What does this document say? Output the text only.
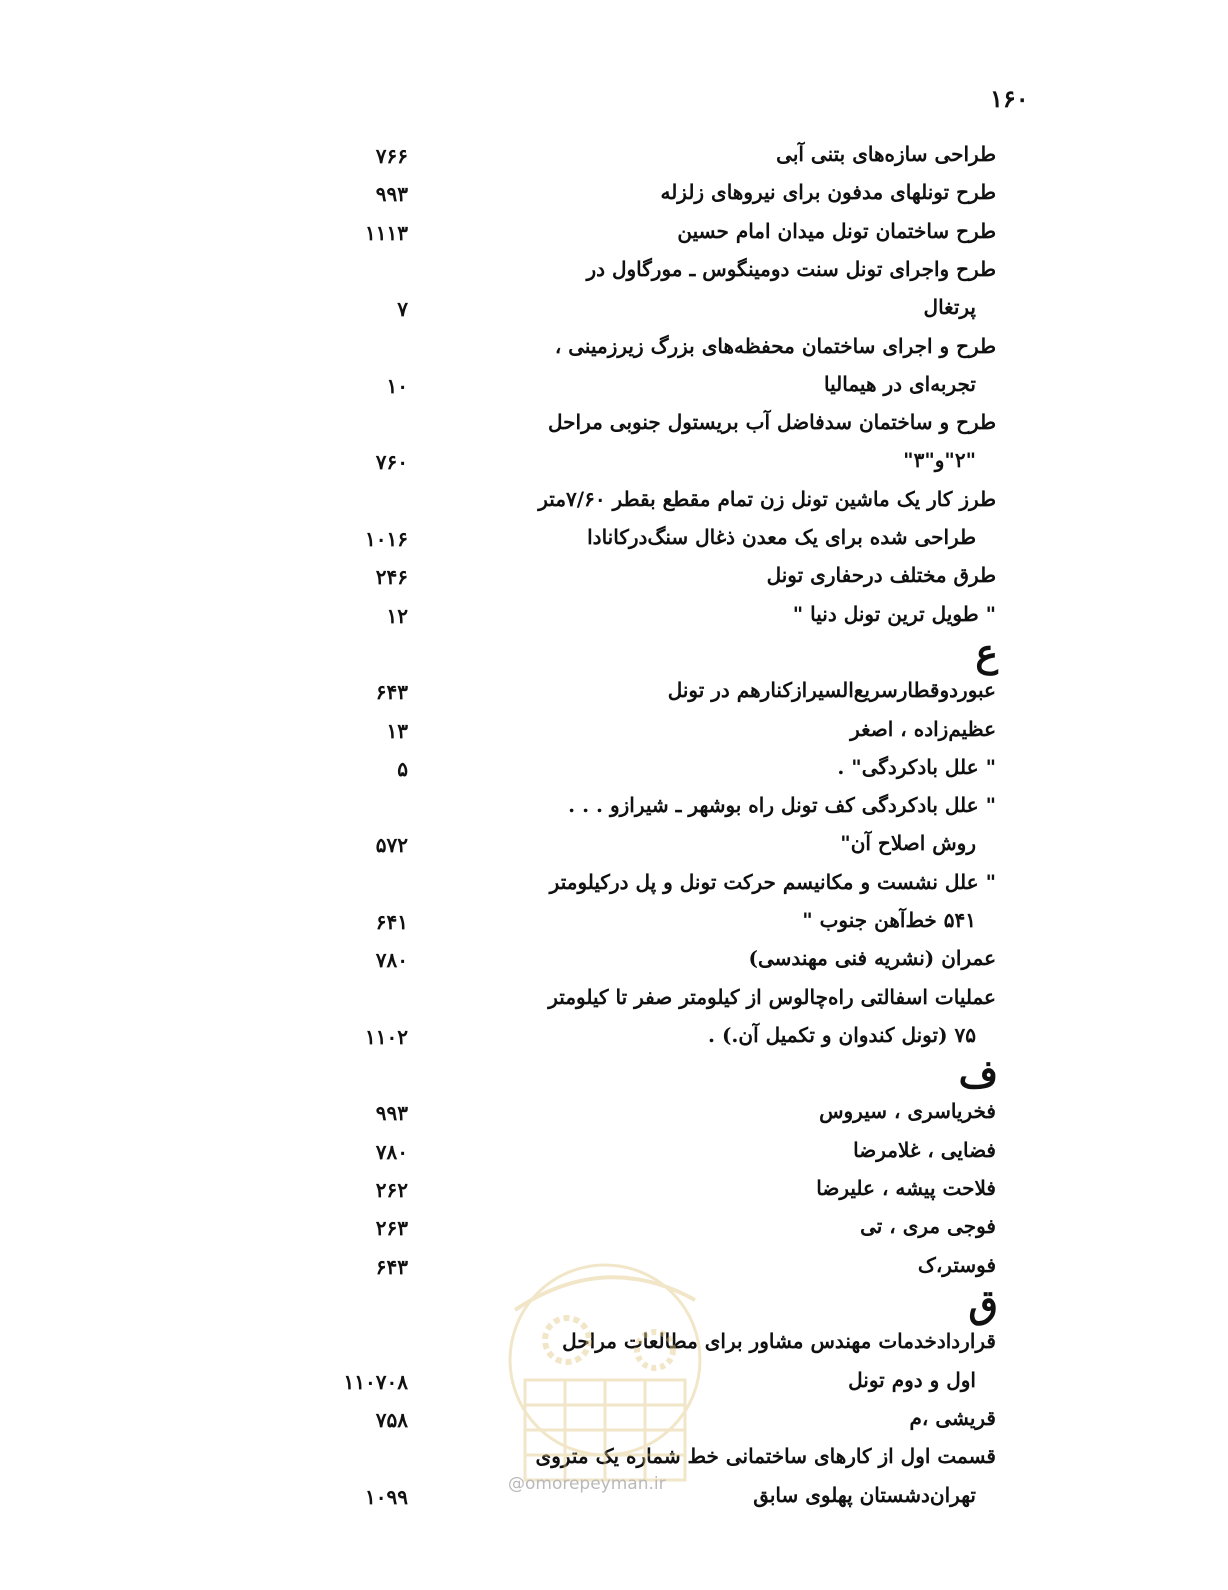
۱۶۰
طراحی سازه‌های بتنی آبی
۷۶۶
طرح تونلهای مدفون برای نیروهای زلزله
۹۹۳
طرح ساختمان تونل میدان امام حسین
۱۱۱۳
طرح واجرای تونل سنت دومینگوس ـ مورگاول در
پرتغال
۷
طرح و اجرای ساختمان محفظه‌های بزرگ زیرزمینی ،
تجربه‌ای در هیمالیا
۱۰
طرح و ساختمان سدفاضل آب بریستول جنوبی مراحل
"۲"و"۳"
۷۶۰
طرز کار یک ماشین تونل زن تمام مقطع بقطر ۷/۶۰متر
طراحی شده برای یک معدن ذغال سنگ‌درکانادا
۱۰۱۶
طرق مختلف درحفاری تونل
۲۴۶
" طویل ترین تونل دنیا "
۱۲
ع
عبوردوقطارسریع‌السیرازکنارهم در تونل
۶۴۳
عظیم‌زاده ، اصغر
۱۳
" علل بادکردگی" .
۵
" علل بادکردگی کف تونل راه بوشهر ـ شیرازو . . .
روش اصلاح آن"
۵۷۲
" علل نشست و مکانیسم حرکت تونل و پل درکیلومتر
۵۴۱ خط‌آهن جنوب "
۶۴۱
عمران (نشریه فنی مهندسی)
۷۸۰
عملیات اسفالتی راه‌چالوس از کیلومتر صفر تا کیلومتر
۷۵ (تونل کندوان و تکمیل آن.) .
۱۱۰۲
ف
فخریاسری ، سیروس
۹۹۳
فضایی ، غلامرضا
۷۸۰
فلاحت پیشه ، علیرضا
۲۶۲
فوجی مری ، تی
۲۶۳
فوستر،ک
۶۴۳
ق
قراردادخدمات مهندس مشاور برای مطالعات مراحل
اول و دوم تونل
۱۱۰۷۰۸
قریشی ،م
۷۵۸
قسمت اول از کارهای ساختمانی خط شماره یک متروی
تهران‌دشستان پهلوی سابق
۱۰۹۹
@omorepeyman.ir
